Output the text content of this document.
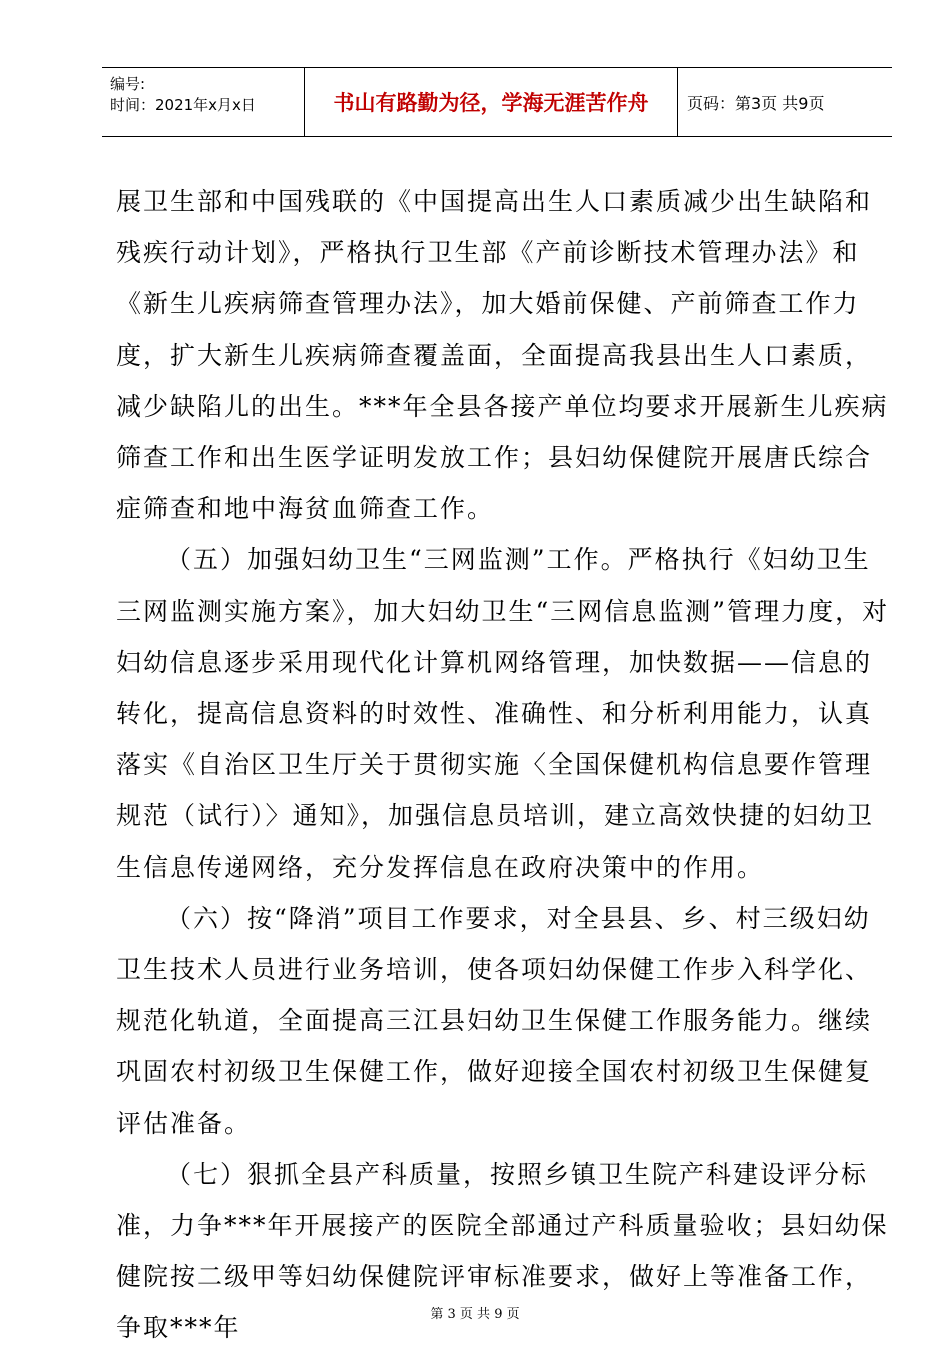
编号:
时间：2021年x月x日	书山有路勤为径，学海无涯苦作舟	页码：第3页 共9页

展卫生部和中国残联的《中国提高出生人口素质减少出生缺陷和残疾行动计划》，严格执行卫生部《产前诊断技术管理办法》和《新生儿疾病筛查管理办法》，加大婚前保健、产前筛查工作力度，扩大新生儿疾病筛查覆盖面，全面提高我县出生人口素质，减少缺陷儿的出生。***年全县各接产单位均要求开展新生儿疾病筛查工作和出生医学证明发放工作；县妇幼保健院开展唐氏综合症筛查和地中海贫血筛查工作。

（五）加强妇幼卫生“三网监测”工作。严格执行《妇幼卫生三网监测实施方案》，加大妇幼卫生“三网信息监测”管理力度，对妇幼信息逐步采用现代化计算机网络管理，加快数据——信息的转化，提高信息资料的时效性、准确性、和分析利用能力，认真落实《自治区卫生厅关于贯彻实施〈全国保健机构信息要作管理规范（试行）〉通知》，加强信息员培训，建立高效快捷的妇幼卫生信息传递网络，充分发挥信息在政府决策中的作用。

（六）按“降消”项目工作要求，对全县县、乡、村三级妇幼卫生技术人员进行业务培训，使各项妇幼保健工作步入科学化、规范化轨道，全面提高三江县妇幼卫生保健工作服务能力。继续巩固农村初级卫生保健工作，做好迎接全国农村初级卫生保健复评估准备。

（七）狠抓全县产科质量，按照乡镇卫生院产科建设评分标准，力争***年开展接产的医院全部通过产科质量验收；县妇幼保健院按二级甲等妇幼保健院评审标准要求，做好上等准备工作，争取***年	第 3 页 共 9 页
